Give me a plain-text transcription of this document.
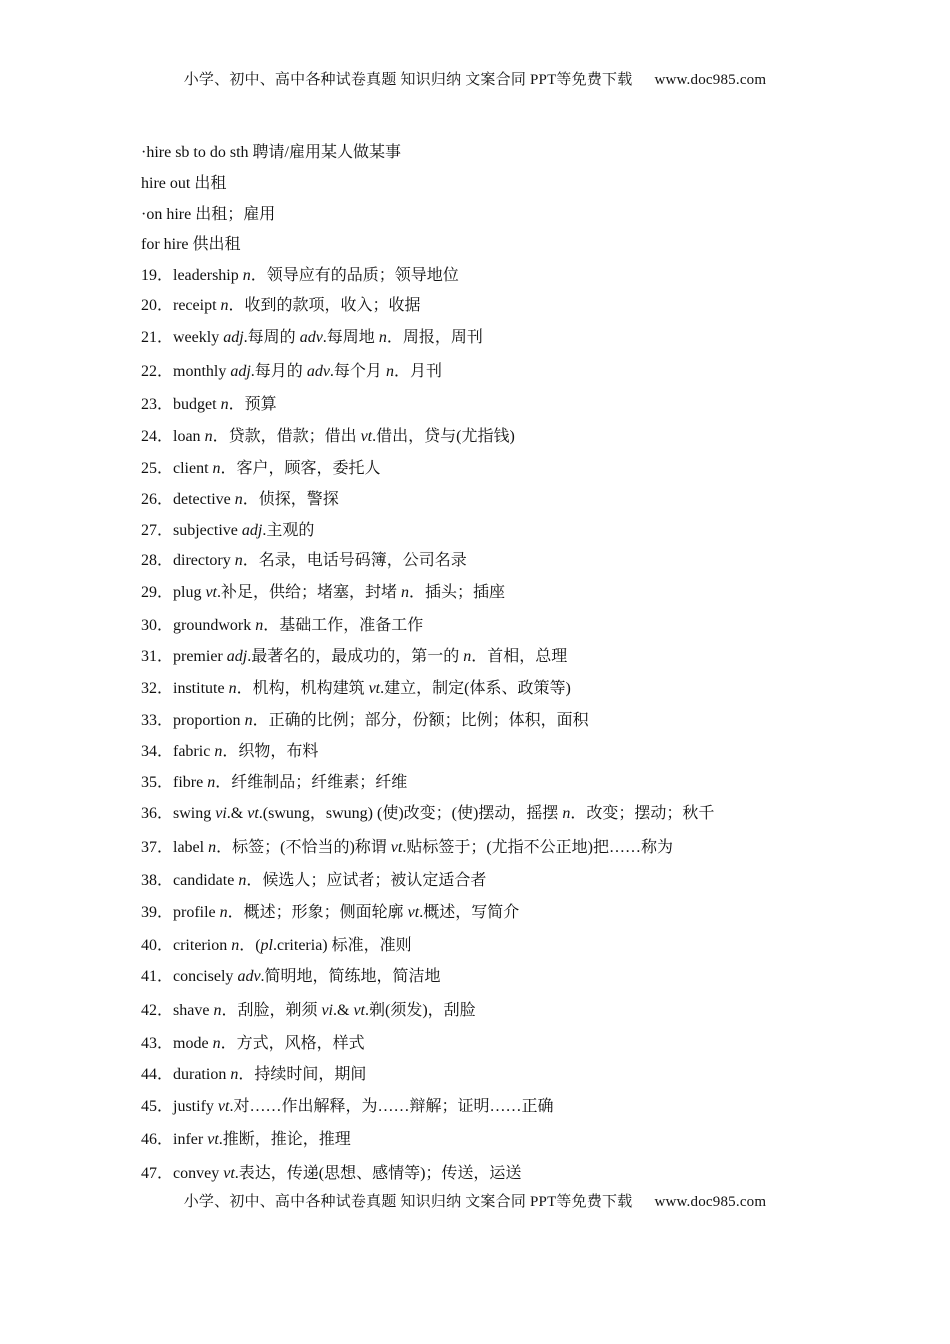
小学、初中、高中各种试卷真题 知识归纳 文案合同 PPT等免费下载 www.doc985.com
·hire sb to do sth 聘请/雇用某人做某事
hire out 出租
·on hire 出租；雇用
for hire 供出租
19．leadership n．领导应有的品质；领导地位
20．receipt n．收到的款项，收入；收据
21．weekly adj.每周的 adv.每周地 n．周报，周刊
22．monthly adj.每月的 adv.每个月 n．月刊
23．budget n．预算
24．loan n．贷款，借款；借出 vt.借出，贷与(尤指钱)
25．client n．客户，顾客，委托人
26．detective n．侦探，警探
27．subjective adj.主观的
28．directory n．名录，电话号码簿，公司名录
29．plug vt.补足，供给；堵塞，封堵 n．插头；插座
30．groundwork n．基础工作，准备工作
31．premier adj.最著名的，最成功的，第一的 n．首相，总理
32．institute n．机构，机构建筑 vt.建立，制定(体系、政策等)
33．proportion n．正确的比例；部分，份额；比例；体积，面积
34．fabric n．织物，布料
35．fibre n．纤维制品；纤维素；纤维
36．swing vi.& vt.(swung，swung) (使)改变；(使)摆动，摇摆 n．改变；摆动；秋千
37．label n．标签；(不恰当的)称谓 vt.贴标签于；(尤指不公正地)把……称为
38．candidate n．候选人；应试者；被认定适合者
39．profile n．概述；形象；侧面轮廓 vt.概述，写简介
40．criterion n．(pl.criteria) 标准，准则
41．concisely adv.简明地，简练地，简洁地
42．shave n．刮脸，剃须 vi.& vt.剃(须发)，刮脸
43．mode n．方式，风格，样式
44．duration n．持续时间，期间
45．justify vt.对……作出解释，为……辩解；证明……正确
46．infer vt.推断，推论，推理
47．convey vt.表达，传递(思想、感情等)；传送，运送
小学、初中、高中各种试卷真题 知识归纳 文案合同 PPT等免费下载 www.doc985.com
